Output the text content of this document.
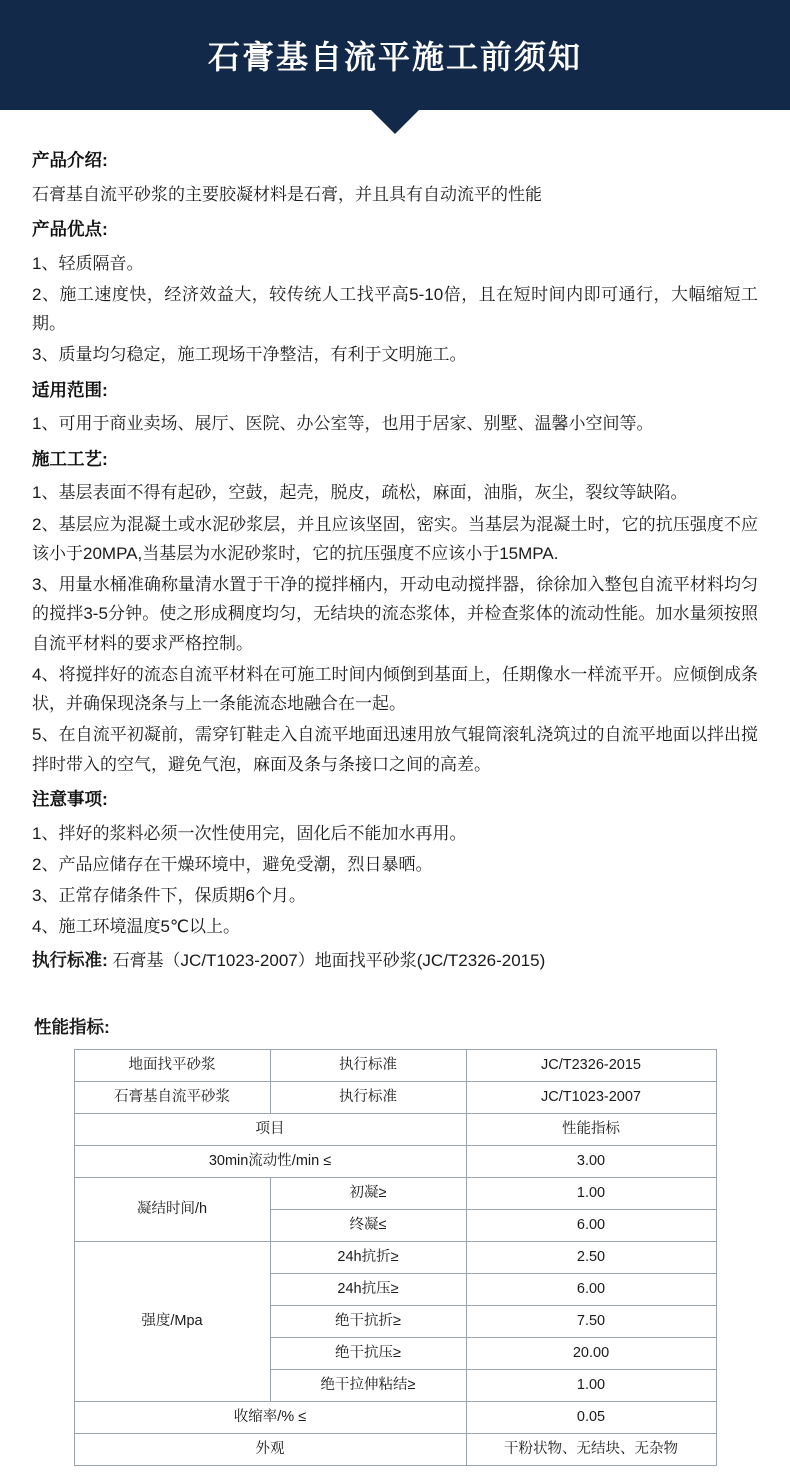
石膏基自流平施工前须知
产品介绍:

石膏基自流平砂浆的主要胶凝材料是石膏，并且具有自动流平的性能

产品优点:

1、轻质隔音。

2、施工速度快，经济效益大，较传统人工找平高5-10倍，且在短时间内即可通行，大幅缩短工期。

3、质量均匀稳定，施工现场干净整洁，有利于文明施工。

适用范围:

1、可用于商业卖场、展厅、医院、办公室等，也用于居家、别墅、温馨小空间等。

施工工艺:

1、基层表面不得有起砂，空鼓，起壳，脱皮，疏松，麻面，油脂，灰尘，裂纹等缺陷。

2、基层应为混凝土或水泥砂浆层，并且应该坚固，密实。当基层为混凝土时，它的抗压强度不应该小于20MPA,当基层为水泥砂浆时，它的抗压强度不应该小于15MPA.

3、用量水桶准确称量清水置于干净的搅拌桶内，开动电动搅拌器，徐徐加入整包自流平材料均匀的搅拌3-5分钟。使之形成稠度均匀，无结块的流态浆体，并检查浆体的流动性能。加水量须按照自流平材料的要求严格控制。

4、将搅拌好的流态自流平材料在可施工时间内倾倒到基面上，任期像水一样流平开。应倾倒成条状，并确保现浇条与上一条能流态地融合在一起。

5、在自流平初凝前，需穿钉鞋走入自流平地面迅速用放气辊筒滚轧浇筑过的自流平地面以拌出搅拌时带入的空气，避免气泡，麻面及条与条接口之间的高差。

注意事项:

1、拌好的浆料必须一次性使用完，固化后不能加水再用。

2、产品应储存在干燥环境中，避免受潮，烈日暴晒。

3、正常存储条件下，保质期6个月。

4、施工环境温度5℃以上。

执行标准: 石膏基（JC/T1023-2007）地面找平砂浆(JC/T2326-2015)
性能指标:
地面找平砂浆	执行标准	JC/T2326-2015
石膏基自流平砂浆	执行标准	JC/T1023-2007
项目		性能指标
30min流动性/min ≤		3.00
凝结时间/h	初凝≥	1.00
	终凝≤	6.00
强度/Mpa	24h抗折≥	2.50
	24h抗压≥	6.00
	绝干抗折≥	7.50
	绝干抗压≥	20.00
	绝干拉伸粘结≥	1.00
收缩率/% ≤		0.05
外观		干粉状物、无结块、无杂物
